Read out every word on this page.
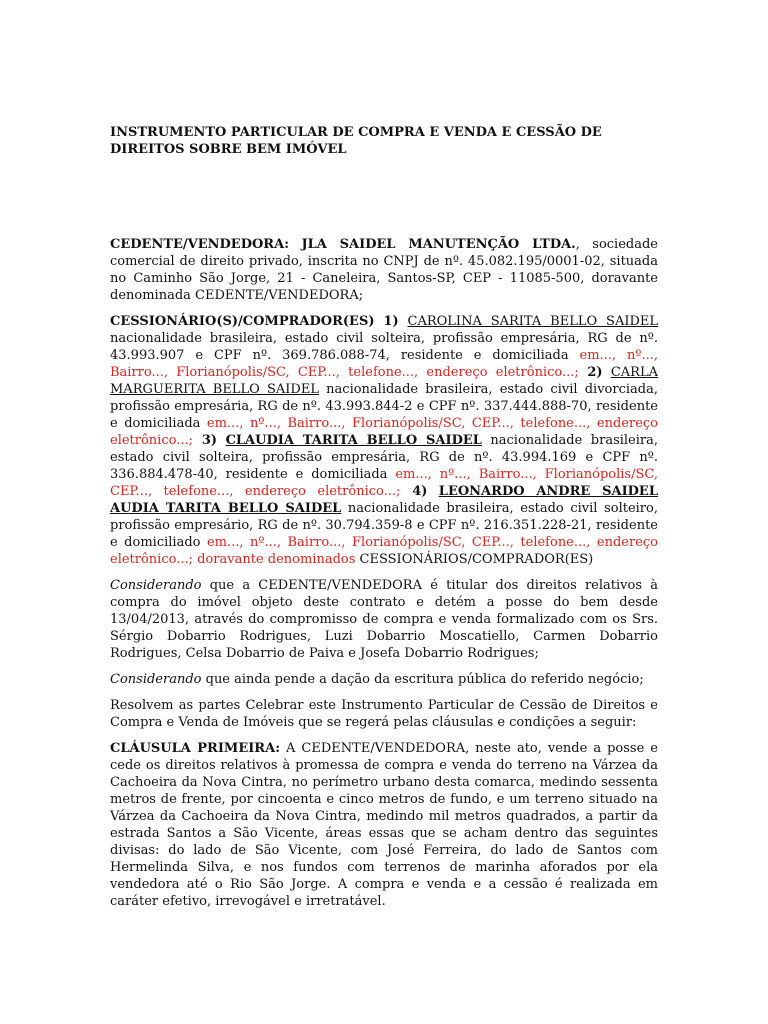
INSTRUMENTO PARTICULAR DE COMPRA E VENDA E CESSÃO DE DIREITOS SOBRE BEM IMÓVEL

CEDENTE/VENDEDORA: JLA SAIDEL MANUTENÇÃO LTDA., sociedade comercial de direito privado, inscrita no CNPJ de nº. 45.082.195/0001-02, situada no Caminho São Jorge, 21 - Caneleira, Santos-SP, CEP - 11085-500, doravante denominada CEDENTE/VENDEDORA;

CESSIONÁRIO(S)/COMPRADOR(ES) 1) CAROLINA SARITA BELLO SAIDEL nacionalidade brasileira, estado civil solteira, profissão empresária, RG de nº. 43.993.907 e CPF nº. 369.786.088-74, residente e domiciliada em..., nº..., Bairro..., Florianópolis/SC, CEP..., telefone..., endereço eletrônico...; 2) CARLA MARGUERITA BELLO SAIDEL nacionalidade brasileira, estado civil divorciada, profissão empresária, RG de nº. 43.993.844-2 e CPF nº. 337.444.888-70, residente e domiciliada em..., nº..., Bairro..., Florianópolis/SC, CEP..., telefone..., endereço eletrônico...; 3) CLAUDIA TARITA BELLO SAIDEL nacionalidade brasileira, estado civil solteira, profissão empresária, RG de nº. 43.994.169 e CPF nº. 336.884.478-40, residente e domiciliada em..., nº..., Bairro..., Florianópolis/SC, CEP..., telefone..., endereço eletrônico...; 4) LEONARDO ANDRE SAIDEL AUDIA TARITA BELLO SAIDEL nacionalidade brasileira, estado civil solteiro, profissão empresário, RG de nº. 30.794.359-8 e CPF nº. 216.351.228-21, residente e domiciliado em..., nº..., Bairro..., Florianópolis/SC, CEP..., telefone..., endereço eletrônico...; doravante denominados CESSIONÁRIOS/COMPRADOR(ES)

Considerando que a CEDENTE/VENDEDORA é titular dos direitos relativos à compra do imóvel objeto deste contrato e detém a posse do bem desde 13/04/2013, através do compromisso de compra e venda formalizado com os Srs. Sérgio Dobarrio Rodrigues, Luzi Dobarrio Moscatiello, Carmen Dobarrio Rodrigues, Celsa Dobarrio de Paiva e Josefa Dobarrio Rodrigues;

Considerando que ainda pende a dação da escritura pública do referido negócio;

Resolvem as partes Celebrar este Instrumento Particular de Cessão de Direitos e Compra e Venda de Imóveis que se regerá pelas cláusulas e condições a seguir:

CLÁUSULA PRIMEIRA: A CEDENTE/VENDEDORA, neste ato, vende a posse e cede os direitos relativos à promessa de compra e venda do terreno na Várzea da Cachoeira da Nova Cintra, no perímetro urbano desta comarca, medindo sessenta metros de frente, por cincoenta e cinco metros de fundo, e um terreno situado na Várzea da Cachoeira da Nova Cintra, medindo mil metros quadrados, a partir da estrada Santos a São Vicente, áreas essas que se acham dentro das seguintes divisas: do lado de São Vicente, com José Ferreira, do lado de Santos com Hermelinda Silva, e nos fundos com terrenos de marinha aforados por ela vendedora até o Rio São Jorge. A compra e venda e a cessão é realizada em caráter efetivo, irrevogável e irretratável.
